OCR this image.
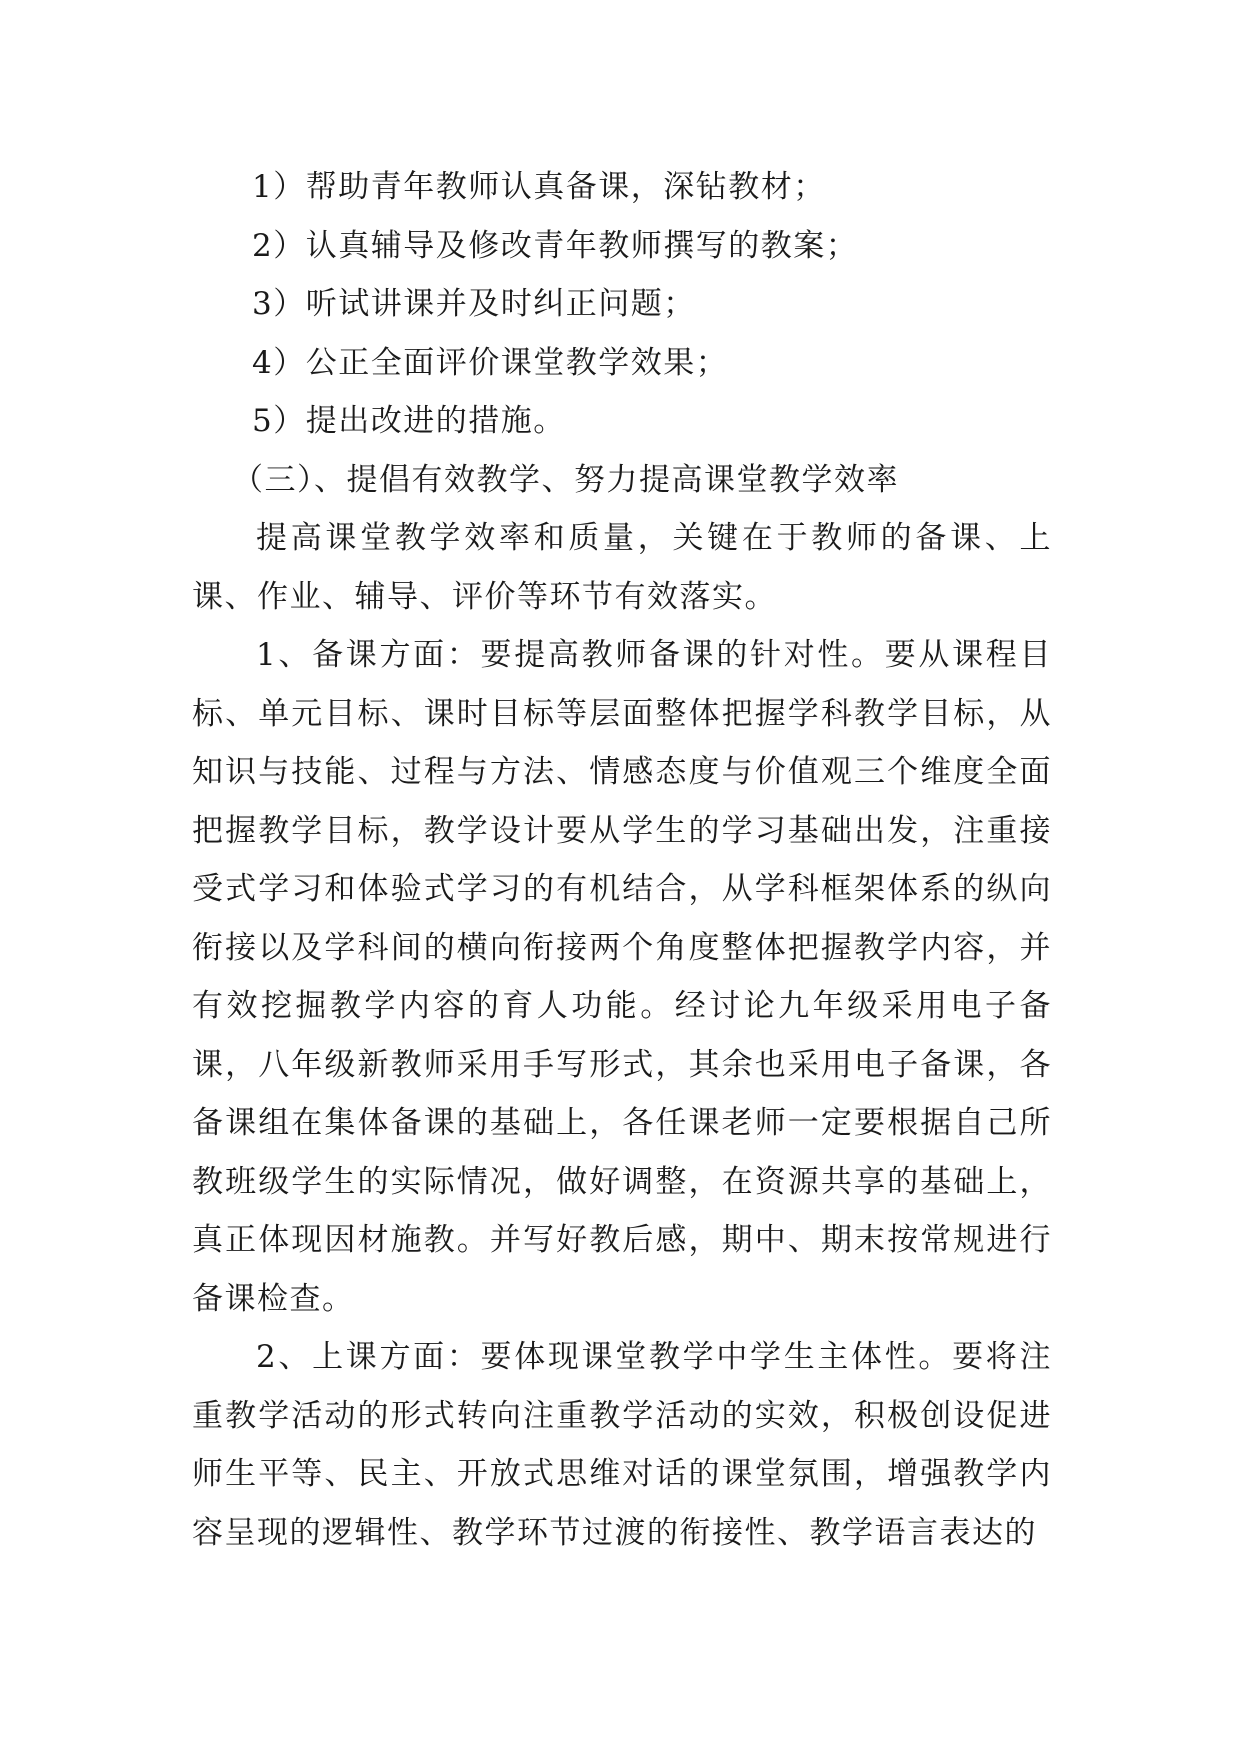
1）帮助青年教师认真备课，深钻教材；

2）认真辅导及修改青年教师撰写的教案；

3）听试讲课并及时纠正问题；

4）公正全面评价课堂教学效果；

5）提出改进的措施。

（三）、提倡有效教学、努力提高课堂教学效率

提高课堂教学效率和质量，关键在于教师的备课、上课、作业、辅导、评价等环节有效落实。

1、备课方面：要提高教师备课的针对性。要从课程目标、单元目标、课时目标等层面整体把握学科教学目标，从知识与技能、过程与方法、情感态度与价值观三个维度全面把握教学目标，教学设计要从学生的学习基础出发，注重接受式学习和体验式学习的有机结合，从学科框架体系的纵向衔接以及学科间的横向衔接两个角度整体把握教学内容，并有效挖掘教学内容的育人功能。经讨论九年级采用电子备课，八年级新教师采用手写形式，其余也采用电子备课，各备课组在集体备课的基础上，各任课老师一定要根据自己所教班级学生的实际情况，做好调整，在资源共享的基础上，真正体现因材施教。并写好教后感，期中、期末按常规进行备课检查。

2、上课方面：要体现课堂教学中学生主体性。要将注重教学活动的形式转向注重教学活动的实效，积极创设促进师生平等、民主、开放式思维对话的课堂氛围，增强教学内容呈现的逻辑性、教学环节过渡的衔接性、教学语言表达的
